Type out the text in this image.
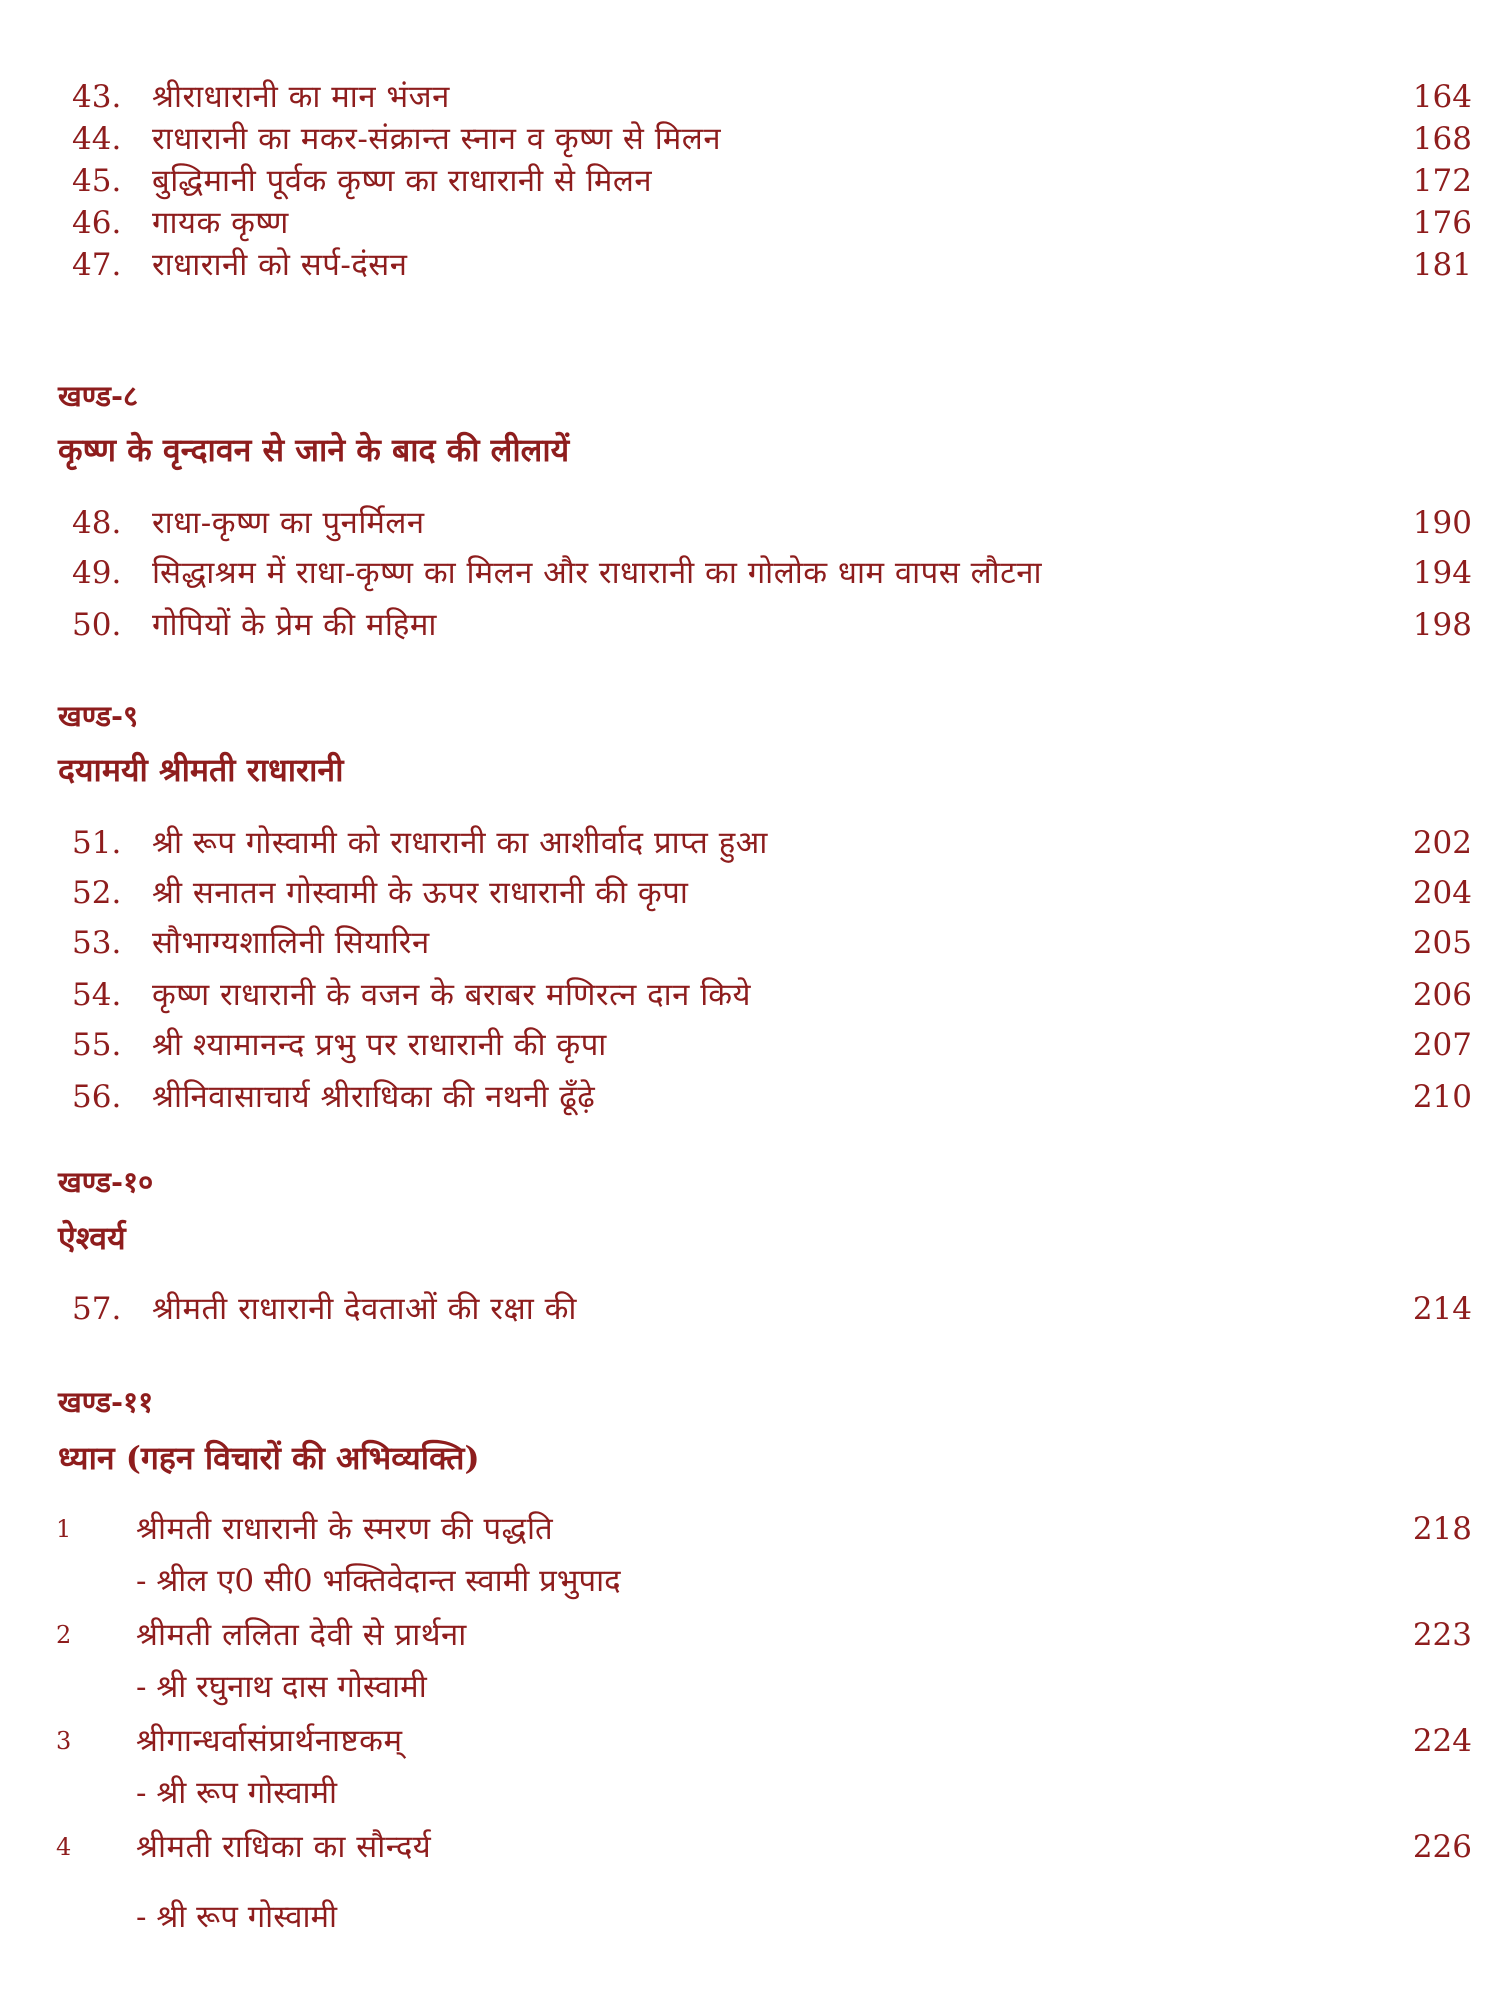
43. श्रीराधारानी का मान भंजन	164
44. राधारानी का मकर-संक्रान्त स्नान व कृष्ण से मिलन	168
45. बुद्धिमानी पूर्वक कृष्ण का राधारानी से मिलन	172
46. गायक कृष्ण	176
47. राधारानी को सर्प-दंसन	181
खण्ड-८
कृष्ण के वृन्दावन से जाने के बाद की लीलायें
48. राधा-कृष्ण का पुनर्मिलन	190
49. सिद्धाश्रम में राधा-कृष्ण का मिलन और राधारानी का गोलोक धाम वापस लौटना	194
50. गोपियों के प्रेम की महिमा	198
खण्ड-९
दयामयी श्रीमती राधारानी
51. श्री रूप गोस्वामी को राधारानी का आशीर्वाद प्राप्त हुआ	202
52. श्री सनातन गोस्वामी के ऊपर राधारानी की कृपा	204
53. सौभाग्यशालिनी सियारिन	205
54. कृष्ण राधारानी के वजन के बराबर मणिरत्न दान किये	206
55. श्री श्यामानन्द प्रभु पर राधारानी की कृपा	207
56. श्रीनिवासाचार्य श्रीराधिका की नथनी ढूँढ़े	210
खण्ड-१०
ऐश्वर्य
57. श्रीमती राधारानी देवताओं की रक्षा की	214
खण्ड-११
ध्यान (गहन विचारों की अभिव्यक्ति)
1	श्रीमती राधारानी के स्मरण की पद्धति	218
- श्रील ए0 सी0 भक्तिवेदान्त स्वामी प्रभुपाद
2	श्रीमती ललिता देवी से प्रार्थना	223
- श्री रघुनाथ दास गोस्वामी
3	श्रीगान्धर्वासंप्रार्थनाष्टकम्	224
- श्री रूप गोस्वामी
4	श्रीमती राधिका का सौन्दर्य	226
- श्री रूप गोस्वामी
